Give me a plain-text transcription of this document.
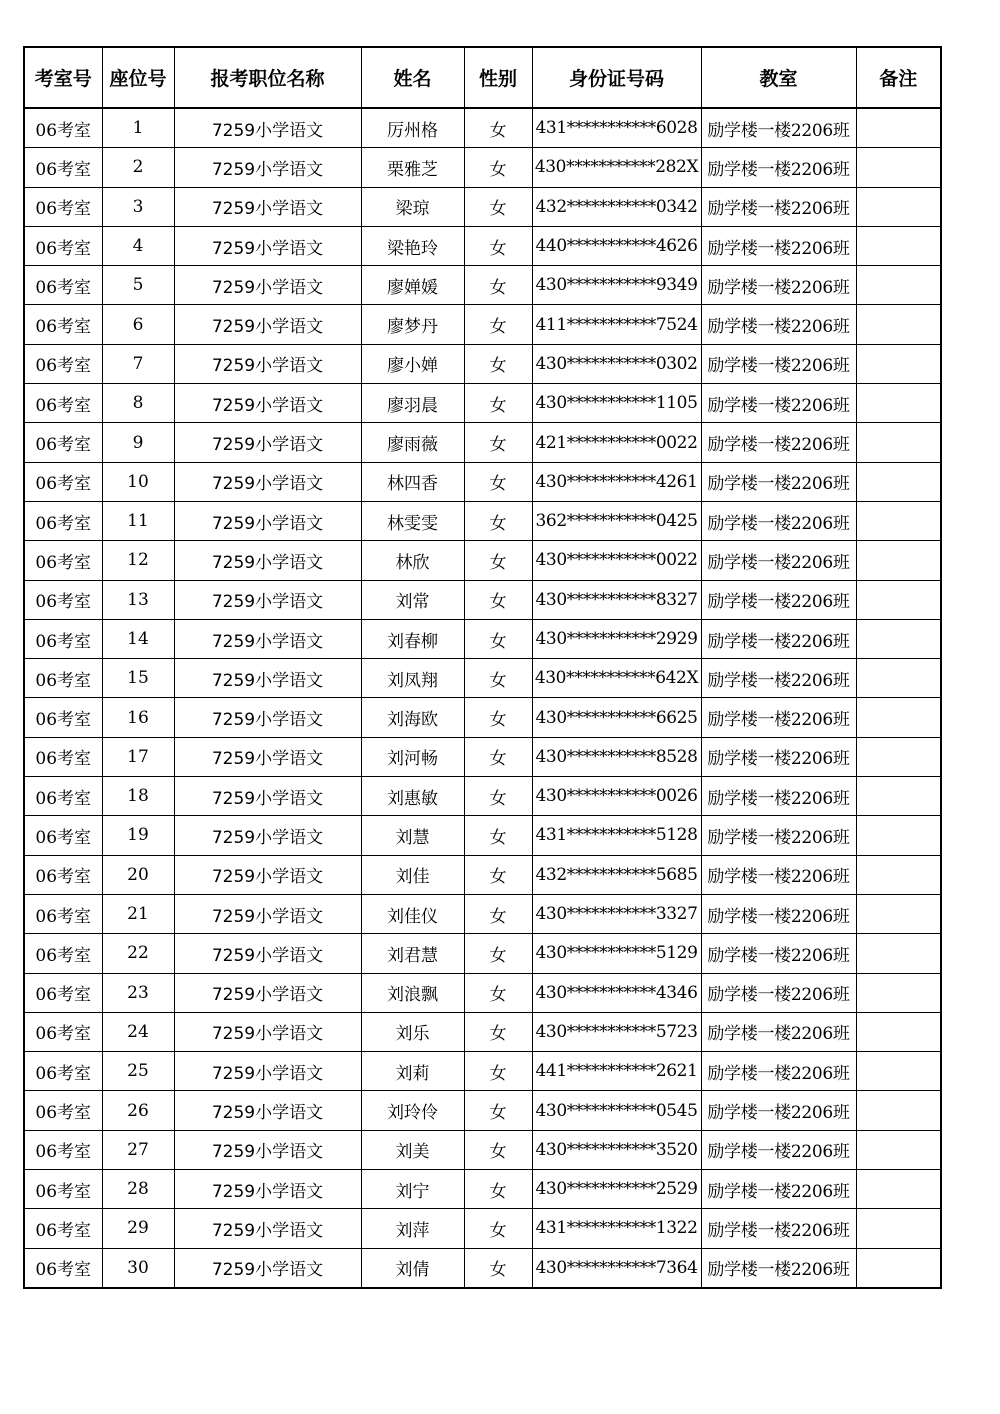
考室号	座位号	报考职位名称	姓名	性别	身份证号码	教室	备注
06考室	1	7259小学语文	厉州格	女	431***********6028	励学楼一楼2206班	
06考室	2	7259小学语文	栗雅芝	女	430***********282X	励学楼一楼2206班	
06考室	3	7259小学语文	梁琼	女	432***********0342	励学楼一楼2206班	
06考室	4	7259小学语文	梁艳玲	女	440***********4626	励学楼一楼2206班	
06考室	5	7259小学语文	廖婵媛	女	430***********9349	励学楼一楼2206班	
06考室	6	7259小学语文	廖梦丹	女	411***********7524	励学楼一楼2206班	
06考室	7	7259小学语文	廖小婵	女	430***********0302	励学楼一楼2206班	
06考室	8	7259小学语文	廖羽晨	女	430***********1105	励学楼一楼2206班	
06考室	9	7259小学语文	廖雨薇	女	421***********0022	励学楼一楼2206班	
06考室	10	7259小学语文	林四香	女	430***********4261	励学楼一楼2206班	
06考室	11	7259小学语文	林雯雯	女	362***********0425	励学楼一楼2206班	
06考室	12	7259小学语文	林欣	女	430***********0022	励学楼一楼2206班	
06考室	13	7259小学语文	刘常	女	430***********8327	励学楼一楼2206班	
06考室	14	7259小学语文	刘春柳	女	430***********2929	励学楼一楼2206班	
06考室	15	7259小学语文	刘凤翔	女	430***********642X	励学楼一楼2206班	
06考室	16	7259小学语文	刘海欧	女	430***********6625	励学楼一楼2206班	
06考室	17	7259小学语文	刘河畅	女	430***********8528	励学楼一楼2206班	
06考室	18	7259小学语文	刘惠敏	女	430***********0026	励学楼一楼2206班	
06考室	19	7259小学语文	刘慧	女	431***********5128	励学楼一楼2206班	
06考室	20	7259小学语文	刘佳	女	432***********5685	励学楼一楼2206班	
06考室	21	7259小学语文	刘佳仪	女	430***********3327	励学楼一楼2206班	
06考室	22	7259小学语文	刘君慧	女	430***********5129	励学楼一楼2206班	
06考室	23	7259小学语文	刘浪飘	女	430***********4346	励学楼一楼2206班	
06考室	24	7259小学语文	刘乐	女	430***********5723	励学楼一楼2206班	
06考室	25	7259小学语文	刘莉	女	441***********2621	励学楼一楼2206班	
06考室	26	7259小学语文	刘玲伶	女	430***********0545	励学楼一楼2206班	
06考室	27	7259小学语文	刘美	女	430***********3520	励学楼一楼2206班	
06考室	28	7259小学语文	刘宁	女	430***********2529	励学楼一楼2206班	
06考室	29	7259小学语文	刘萍	女	431***********1322	励学楼一楼2206班	
06考室	30	7259小学语文	刘倩	女	430***********7364	励学楼一楼2206班	
